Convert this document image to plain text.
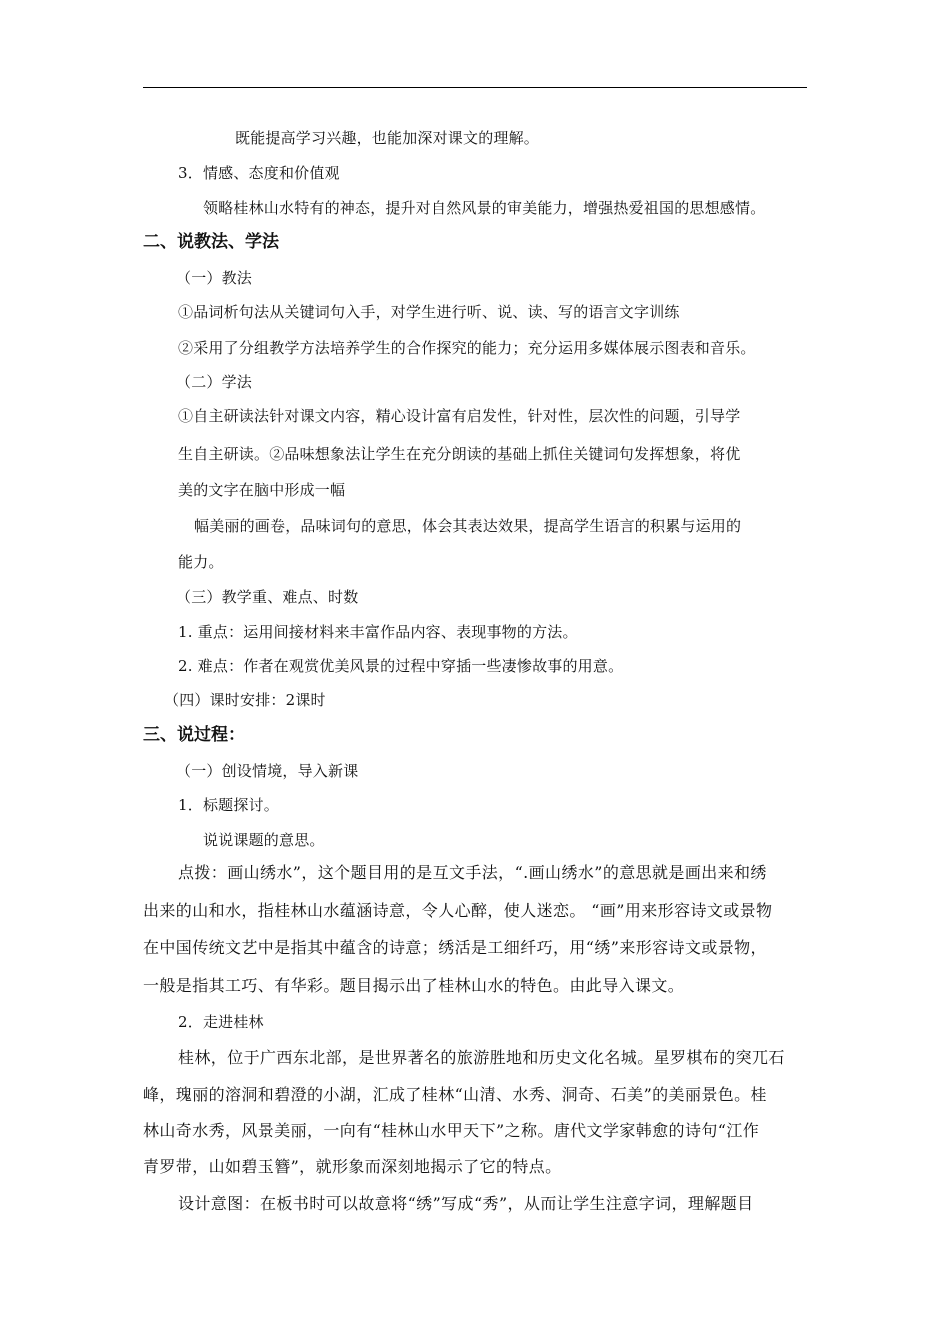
既能提高学习兴趣，也能加深对课文的理解。
3．情感、态度和价值观
领略桂林山水特有的神态，提升对自然风景的审美能力，增强热爱祖国的思想感情。
二、说教法、学法
（一）教法
①品词析句法从关键词句入手，对学生进行听、说、读、写的语言文字训练
②采用了分组教学方法培养学生的合作探究的能力；充分运用多媒体展示图表和音乐。
（二）学法
①自主研读法针对课文内容，精心设计富有启发性，针对性，层次性的问题，引导学
生自主研读。②品味想象法让学生在充分朗读的基础上抓住关键词句发挥想象，将优
美的文字在脑中形成一幅
幅美丽的画卷，品味词句的意思，体会其表达效果，提高学生语言的积累与运用的
能力。
（三）教学重、难点、时数
1. 重点：运用间接材料来丰富作品内容、表现事物的方法。
2. 难点：作者在观赏优美风景的过程中穿插一些凄惨故事的用意。
（四）课时安排：2课时
三、说过程：
（一）创设情境，导入新课
1．标题探讨。
说说课题的意思。
点拨：画山绣水”，这个题目用的是互文手法，“.画山绣水”的意思就是画出来和绣
出来的山和水，指桂林山水蕴涵诗意，令人心醉，使人迷恋。 “画”用来形容诗文或景物
在中国传统文艺中是指其中蕴含的诗意；绣活是工细纤巧，用“绣”来形容诗文或景物，
一般是指其工巧、有华彩。题目揭示出了桂林山水的特色。由此导入课文。
2．走进桂林
桂林，位于广西东北部，是世界著名的旅游胜地和历史文化名城。星罗棋布的突兀石
峰，瑰丽的溶洞和碧澄的小湖，汇成了桂林“山清、水秀、洞奇、石美”的美丽景色。桂
林山奇水秀，风景美丽，一向有“桂林山水甲天下”之称。唐代文学家韩愈的诗句“江作
青罗带，山如碧玉簪”，就形象而深刻地揭示了它的特点。
设计意图：在板书时可以故意将“绣”写成“秀”，从而让学生注意字词，理解题目
